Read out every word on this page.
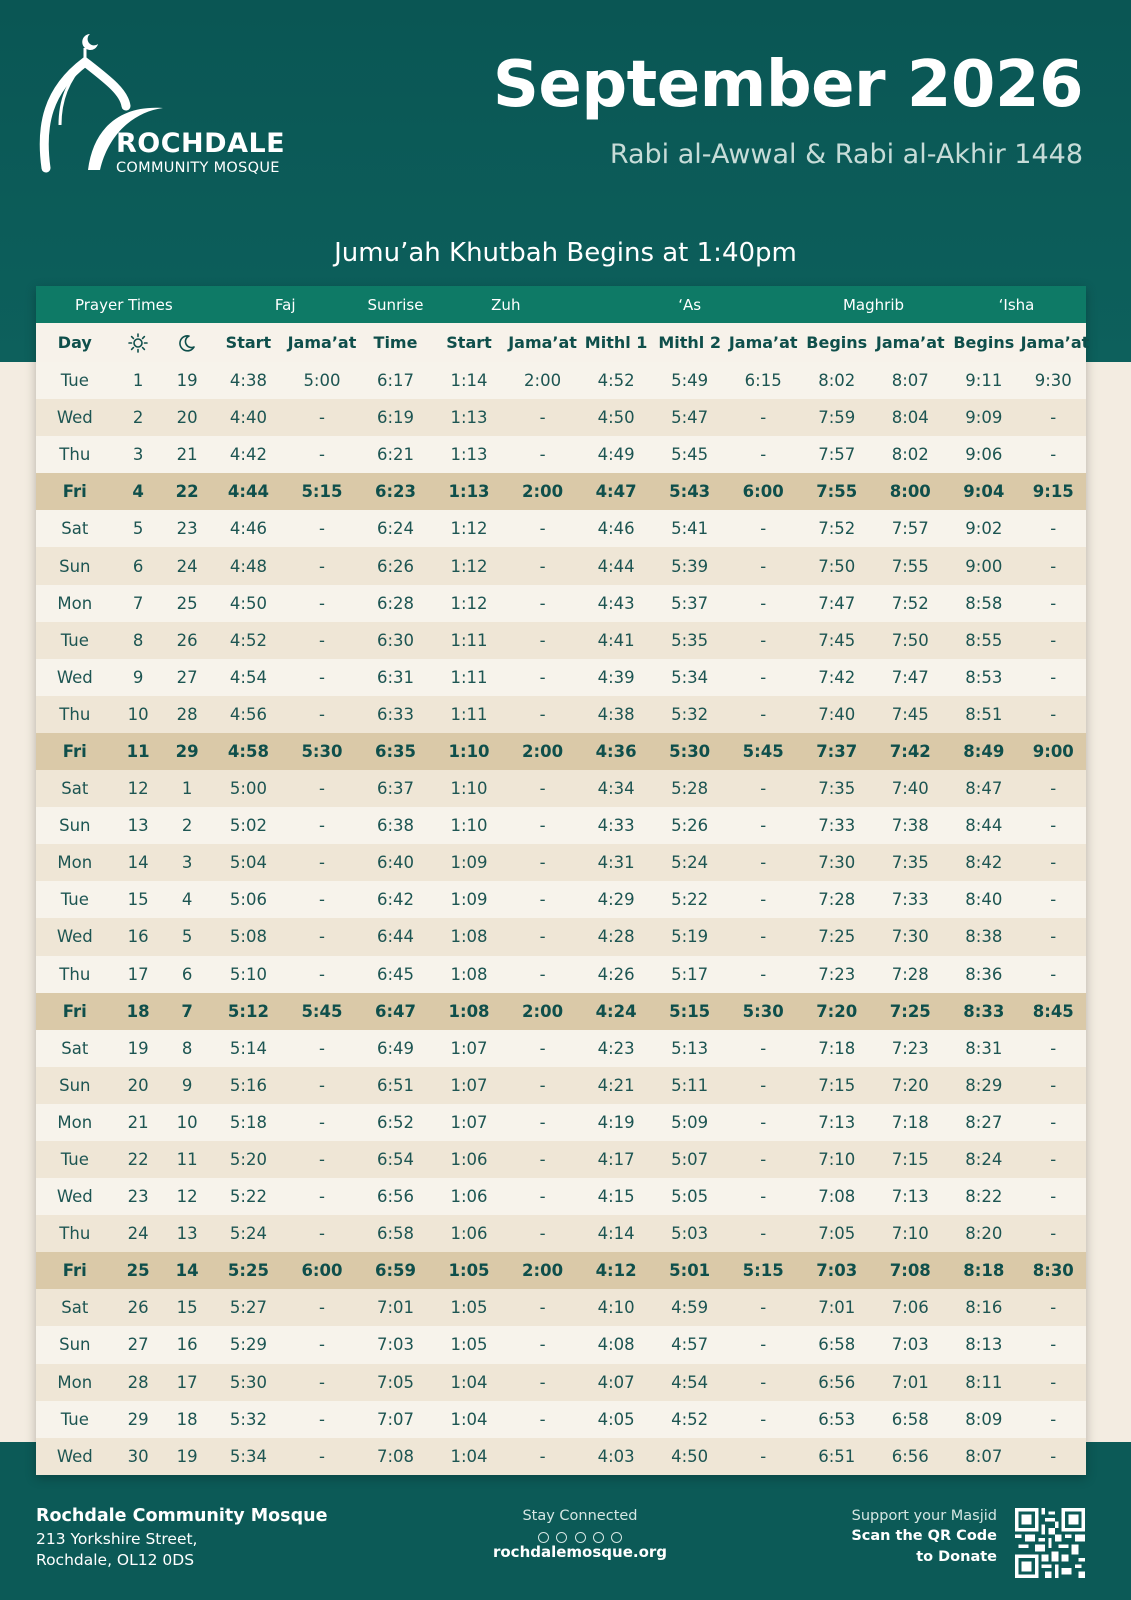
ROCHDALE
COMMUNITY MOSQUE
September 2026
Rabi al-Awwal & Rabi al-Akhir 1448
Jumu’ah Khutbah Begins at 1:40pm
Prayer Times			Faj		Sunrise	Zuh		‘As			Maghrib		‘Isha	
Day			Start	Jama’at	Time	Start	Jama’at	Mithl 1	Mithl 2	Jama’at	Begins	Jama’at	Begins	Jama’at
Tue	1	19	4:38	5:00	6:17	1:14	2:00	4:52	5:49	6:15	8:02	8:07	9:11	9:30
Wed	2	20	4:40	-	6:19	1:13	-	4:50	5:47	-	7:59	8:04	9:09	-
Thu	3	21	4:42	-	6:21	1:13	-	4:49	5:45	-	7:57	8:02	9:06	-
Fri	4	22	4:44	5:15	6:23	1:13	2:00	4:47	5:43	6:00	7:55	8:00	9:04	9:15
Sat	5	23	4:46	-	6:24	1:12	-	4:46	5:41	-	7:52	7:57	9:02	-
Sun	6	24	4:48	-	6:26	1:12	-	4:44	5:39	-	7:50	7:55	9:00	-
Mon	7	25	4:50	-	6:28	1:12	-	4:43	5:37	-	7:47	7:52	8:58	-
Tue	8	26	4:52	-	6:30	1:11	-	4:41	5:35	-	7:45	7:50	8:55	-
Wed	9	27	4:54	-	6:31	1:11	-	4:39	5:34	-	7:42	7:47	8:53	-
Thu	10	28	4:56	-	6:33	1:11	-	4:38	5:32	-	7:40	7:45	8:51	-
Fri	11	29	4:58	5:30	6:35	1:10	2:00	4:36	5:30	5:45	7:37	7:42	8:49	9:00
Sat	12	1	5:00	-	6:37	1:10	-	4:34	5:28	-	7:35	7:40	8:47	-
Sun	13	2	5:02	-	6:38	1:10	-	4:33	5:26	-	7:33	7:38	8:44	-
Mon	14	3	5:04	-	6:40	1:09	-	4:31	5:24	-	7:30	7:35	8:42	-
Tue	15	4	5:06	-	6:42	1:09	-	4:29	5:22	-	7:28	7:33	8:40	-
Wed	16	5	5:08	-	6:44	1:08	-	4:28	5:19	-	7:25	7:30	8:38	-
Thu	17	6	5:10	-	6:45	1:08	-	4:26	5:17	-	7:23	7:28	8:36	-
Fri	18	7	5:12	5:45	6:47	1:08	2:00	4:24	5:15	5:30	7:20	7:25	8:33	8:45
Sat	19	8	5:14	-	6:49	1:07	-	4:23	5:13	-	7:18	7:23	8:31	-
Sun	20	9	5:16	-	6:51	1:07	-	4:21	5:11	-	7:15	7:20	8:29	-
Mon	21	10	5:18	-	6:52	1:07	-	4:19	5:09	-	7:13	7:18	8:27	-
Tue	22	11	5:20	-	6:54	1:06	-	4:17	5:07	-	7:10	7:15	8:24	-
Wed	23	12	5:22	-	6:56	1:06	-	4:15	5:05	-	7:08	7:13	8:22	-
Thu	24	13	5:24	-	6:58	1:06	-	4:14	5:03	-	7:05	7:10	8:20	-
Fri	25	14	5:25	6:00	6:59	1:05	2:00	4:12	5:01	5:15	7:03	7:08	8:18	8:30
Sat	26	15	5:27	-	7:01	1:05	-	4:10	4:59	-	7:01	7:06	8:16	-
Sun	27	16	5:29	-	7:03	1:05	-	4:08	4:57	-	6:58	7:03	8:13	-
Mon	28	17	5:30	-	7:05	1:04	-	4:07	4:54	-	6:56	7:01	8:11	-
Tue	29	18	5:32	-	7:07	1:04	-	4:05	4:52	-	6:53	6:58	8:09	-
Wed	30	19	5:34	-	7:08	1:04	-	4:03	4:50	-	6:51	6:56	8:07	-
Rochdale Community Mosque
213 Yorkshire Street,
Rochdale, OL12 0DS
Stay Connected

rochdalemosque.org
Support your Masjid
Scan the QR Code
to Donate
